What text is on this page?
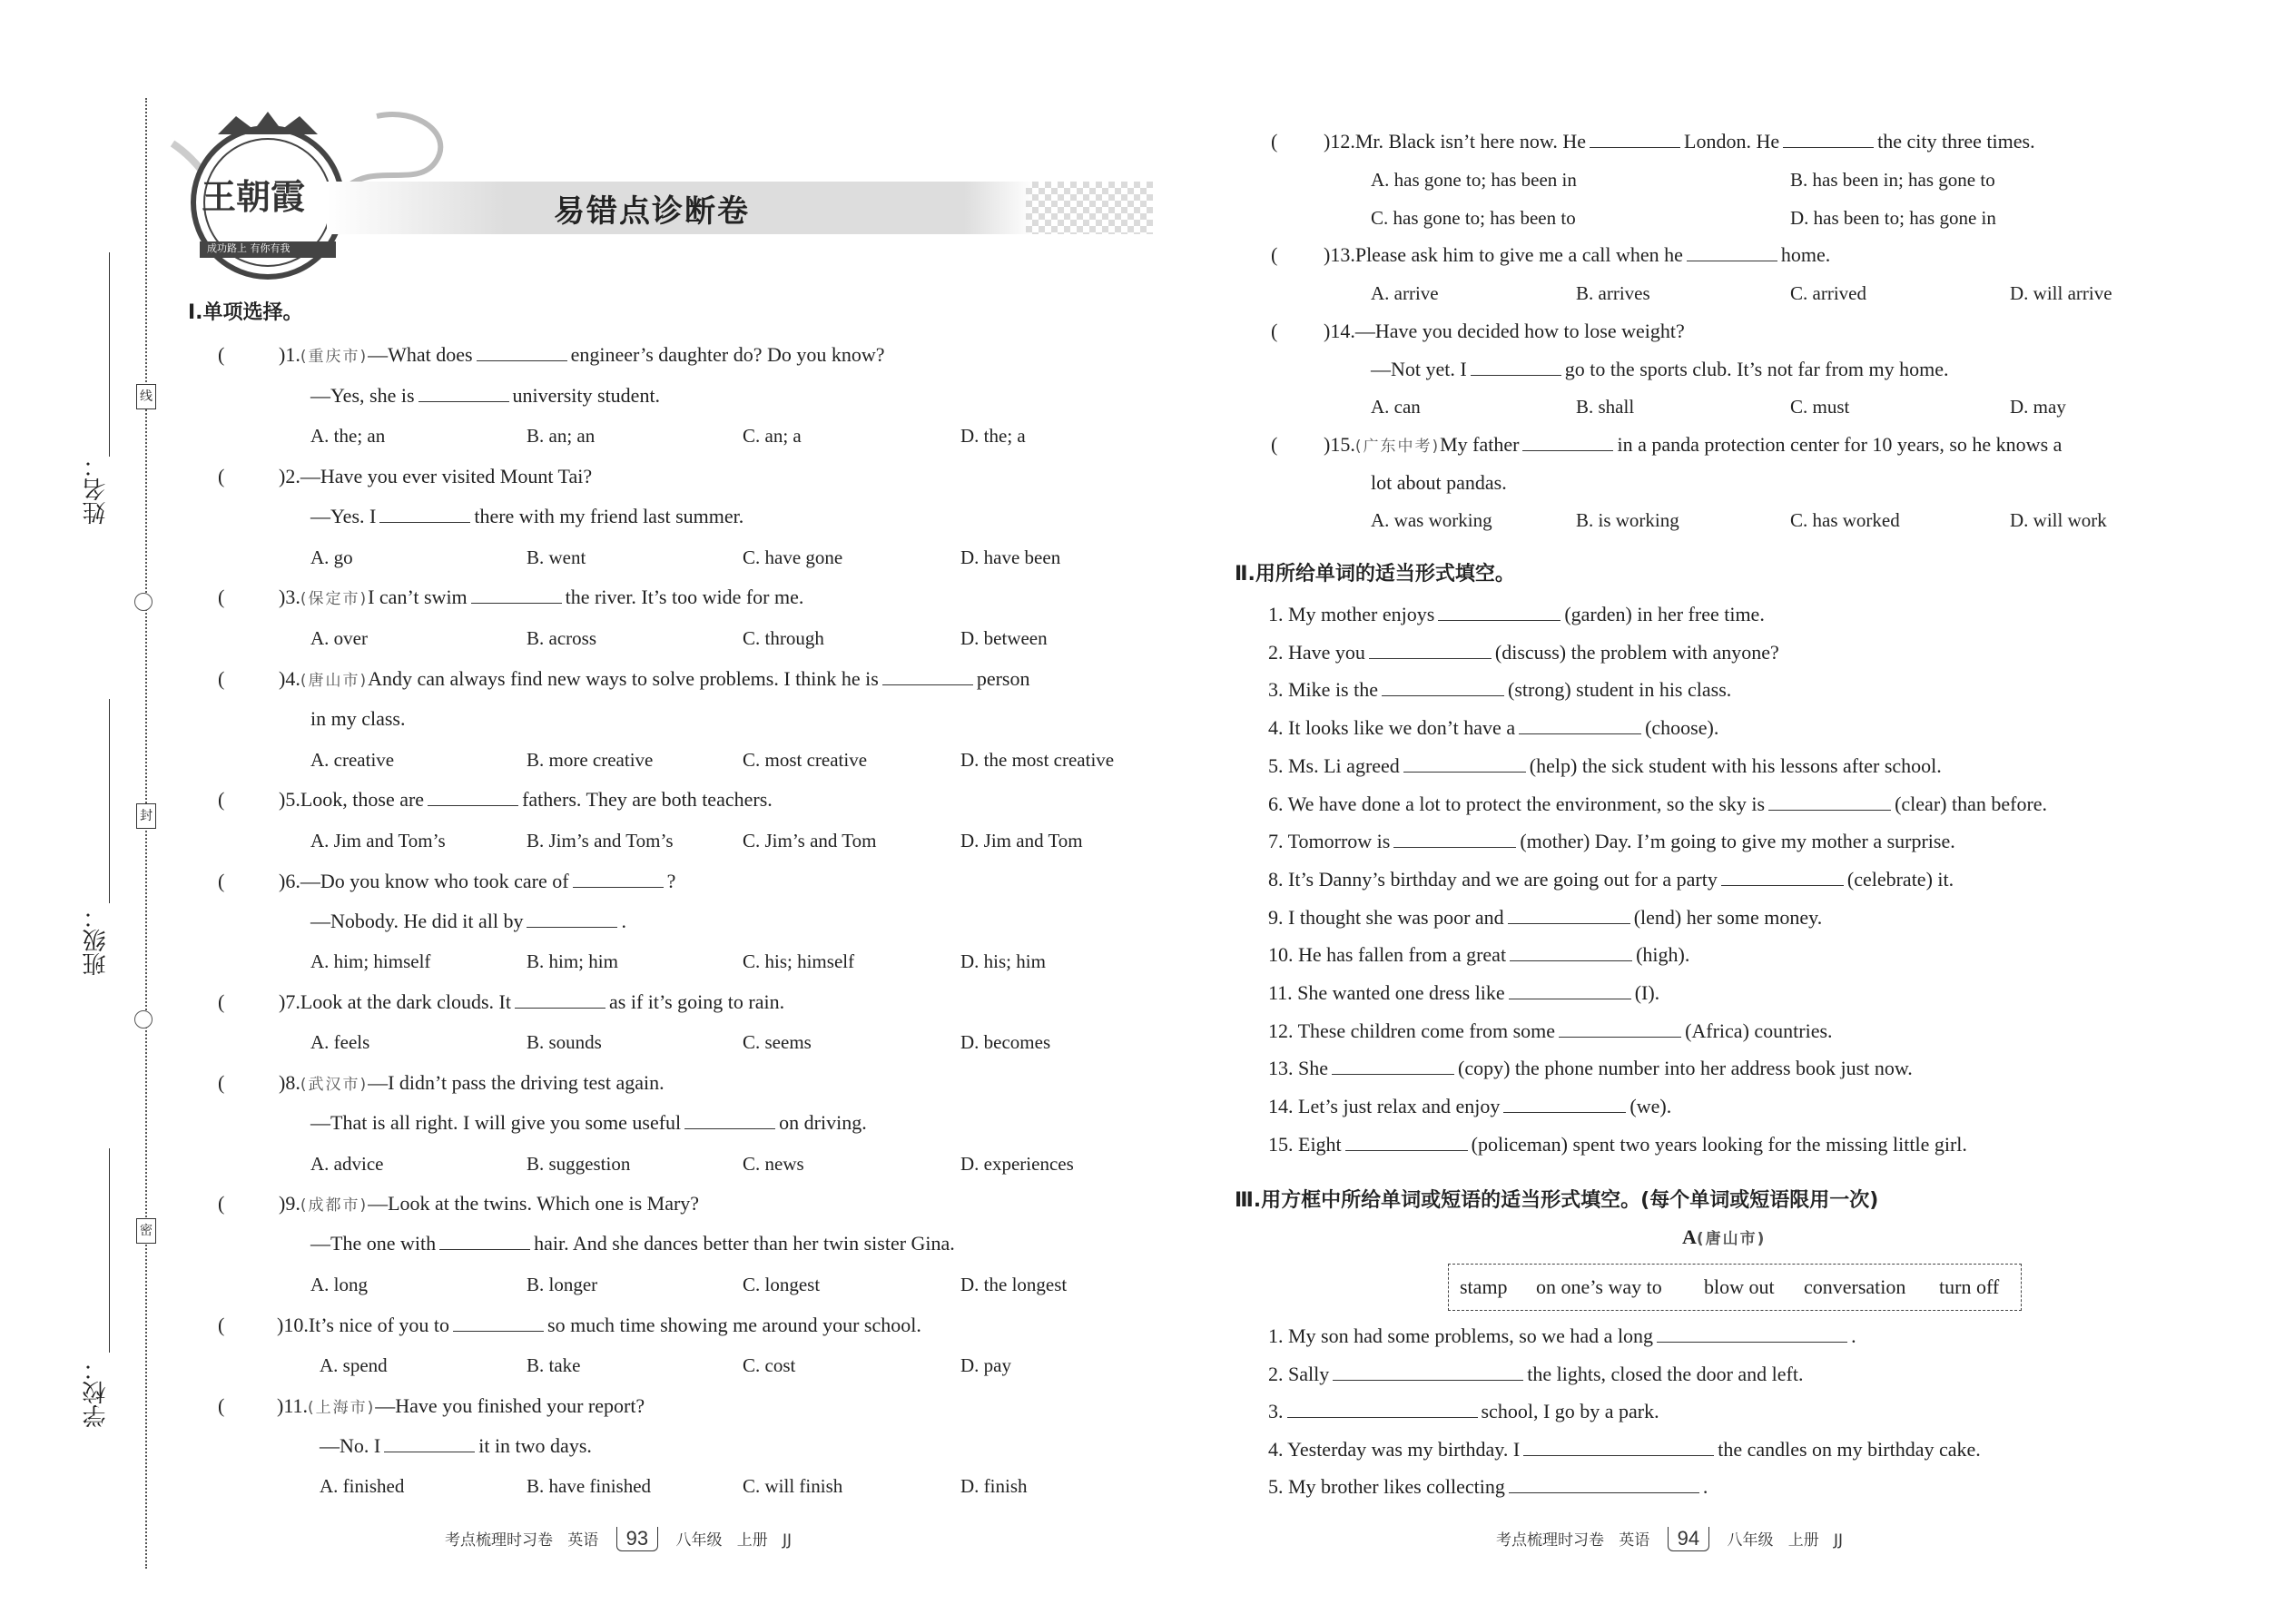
姓名：
班级：
学校：
线
封
密
王朝霞
成功路上 有你有我
易错点诊断卷
Ⅰ.单项选择。
(	)1.(重庆市)—What does	engineer’s daughter do? Do you know?
—Yes, she is	university student.
A. the; an	B. an; an	C. an; a	D. the; a
(	)2.—Have you ever visited Mount Tai?
—Yes. I	there with my friend last summer.
A. go	B. went	C. have gone	D. have been
(	)3.(保定市)I can’t swim	the river. It’s too wide for me.
A. over	B. across	C. through	D. between
(	)4.(唐山市)Andy can always find new ways to solve problems. I think he is	person
in my class.
A. creative	B. more creative	C. most creative	D. the most creative
(	)5.Look, those are	fathers. They are both teachers.
A. Jim and Tom’s	B. Jim’s and Tom’s	C. Jim’s and Tom	D. Jim and Tom
(	)6.—Do you know who took care of	?
—Nobody. He did it all by	.
A. him; himself	B. him; him	C. his; himself	D. his; him
(	)7.Look at the dark clouds. It	as if it’s going to rain.
A. feels	B. sounds	C. seems	D. becomes
(	)8.(武汉市)—I didn’t pass the driving test again.
—That is all right. I will give you some useful	on driving.
A. advice	B. suggestion	C. news	D. experiences
(	)9.(成都市)—Look at the twins. Which one is Mary?
—The one with	hair. And she dances better than her twin sister Gina.
A. long	B. longer	C. longest	D. the longest
(	)10.It’s nice of you to	so much time showing me around your school.
A. spend	B. take	C. cost	D. pay
(	)11.(上海市)—Have you finished your report?
—No. I	it in two days.
A. finished	B. have finished	C. will finish	D. finish
考点梳理时习卷 英语 93 八年级 上册 JJ
( )12.Mr. Black isn’t here now. He	London. He	the city three times.
A. has gone to; has been in	B. has been in; has gone to
C. has gone to; has been to	D. has been to; has gone in
( )13.Please ask him to give me a call when he	home.
A. arrive	B. arrives	C. arrived	D. will arrive
( )14.—Have you decided how to lose weight?
—Not yet. I	go to the sports club. It’s not far from my home.
A. can	B. shall	C. must	D. may
( )15.(广东中考)My father	in a panda protection center for 10 years, so he knows a
lot about pandas.
A. was working	B. is working	C. has worked	D. will work
Ⅱ.用所给单词的适当形式填空。
1. My mother enjoys	(garden) in her free time.
2. Have you	(discuss) the problem with anyone?
3. Mike is the	(strong) student in his class.
4. It looks like we don’t have a	(choose).
5. Ms. Li agreed	(help) the sick student with his lessons after school.
6. We have done a lot to protect the environment, so the sky is	(clear) than before.
7. Tomorrow is	(mother) Day. I’m going to give my mother a surprise.
8. It’s Danny’s birthday and we are going out for a party	(celebrate) it.
9. I thought she was poor and	(lend) her some money.
10. He has fallen from a great	(high).
11. She wanted one dress like	(I).
12. These children come from some	(Africa) countries.
13. She	(copy) the phone number into her address book just now.
14. Let’s just relax and enjoy	(we).
15. Eight	(policeman) spent two years looking for the missing little girl.
Ⅲ.用方框中所给单词或短语的适当形式填空。(每个单词或短语限用一次)
A(唐山市)
stamp on one’s way to blow out conversation turn off
1. My son had some problems, so we had a long	.
2. Sally	the lights, closed the door and left.
3.	school, I go by a park.
4. Yesterday was my birthday. I	the candles on my birthday cake.
5. My brother likes collecting	.
考点梳理时习卷 英语 94 八年级 上册 JJ
